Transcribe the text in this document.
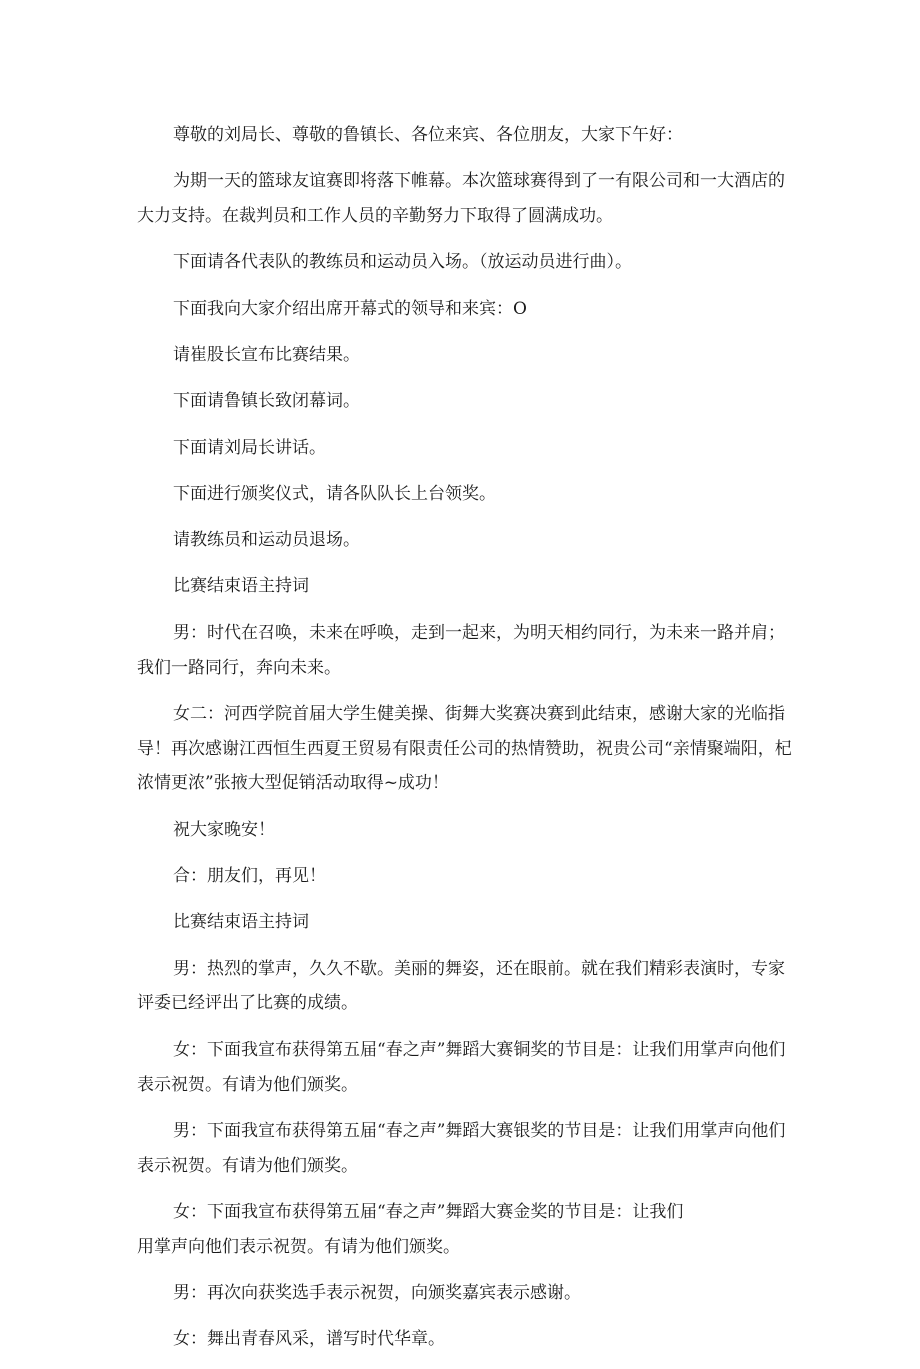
尊敬的刘局长、尊敬的鲁镇长、各位来宾、各位朋友，大家下午好：

为期一天的篮球友谊赛即将落下帷幕。本次篮球赛得到了一有限公司和一大酒店的大力支持。在裁判员和工作人员的辛勤努力下取得了圆满成功。

下面请各代表队的教练员和运动员入场。（放运动员进行曲）。

下面我向大家介绍出席开幕式的领导和来宾：O

请崔股长宣布比赛结果。

下面请鲁镇长致闭幕词。

下面请刘局长讲话。

下面进行颁奖仪式，请各队队长上台领奖。

请教练员和运动员退场。

比赛结束语主持词

男：时代在召唤，未来在呼唤，走到一起来，为明天相约同行，为未来一路并肩；我们一路同行，奔向未来。

女二：河西学院首届大学生健美操、街舞大奖赛决赛到此结束，感谢大家的光临指导！再次感谢江西恒生西夏王贸易有限责任公司的热情赞助，祝贵公司“亲情聚端阳，杞浓情更浓”张掖大型促销活动取得~成功！

祝大家晚安！

合：朋友们，再见！

比赛结束语主持词

男：热烈的掌声，久久不歇。美丽的舞姿，还在眼前。就在我们精彩表演时，专家评委已经评出了比赛的成绩。

女：下面我宣布获得第五届“春之声”舞蹈大赛铜奖的节目是：让我们用掌声向他们表示祝贺。有请为他们颁奖。

男：下面我宣布获得第五届“春之声”舞蹈大赛银奖的节目是：让我们用掌声向他们表示祝贺。有请为他们颁奖。

女：下面我宣布获得第五届“春之声”舞蹈大赛金奖的节目是：让我们

用掌声向他们表示祝贺。有请为他们颁奖。

男：再次向获奖选手表示祝贺，向颁奖嘉宾表示感谢。

女：舞出青春风采，谱写时代华章。
